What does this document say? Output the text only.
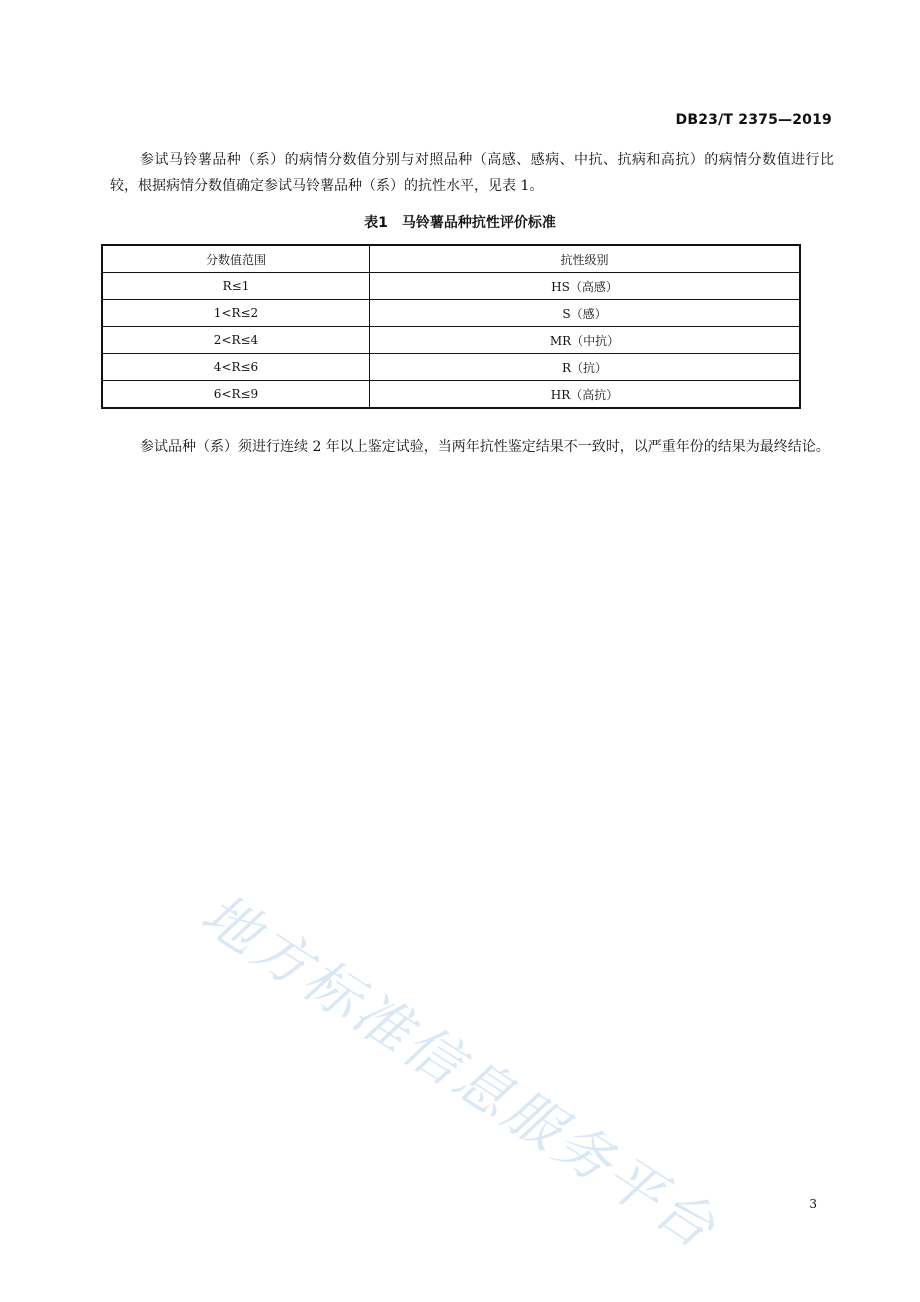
DB23/T 2375—2019

参试马铃薯品种（系）的病情分数值分别与对照品种（高感、感病、中抗、抗病和高抗）的病情分数值进行比较，根据病情分数值确定参试马铃薯品种（系）的抗性水平，见表 1。

表1　马铃薯品种抗性评价标准
分数值范围	抗性级别
R≤1	HS（高感）
1<R≤2	S（感）
2<R≤4	MR（中抗）
4<R≤6	R（抗）
6<R≤9	HR（高抗）

参试品种（系）须进行连续 2 年以上鉴定试验，当两年抗性鉴定结果不一致时，以严重年份的结果为最终结论。

地方标准信息服务平台	3
